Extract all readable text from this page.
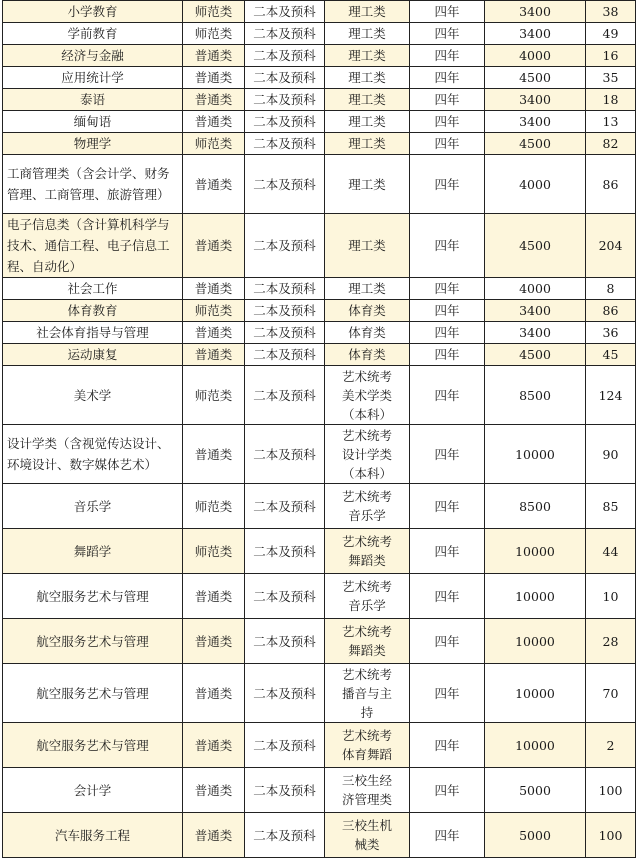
小学教育	师范类	二本及预科	理工类	四年	3400	38
学前教育	师范类	二本及预科	理工类	四年	3400	49
经济与金融	普通类	二本及预科	理工类	四年	4000	16
应用统计学	普通类	二本及预科	理工类	四年	4500	35
泰语	普通类	二本及预科	理工类	四年	3400	18
缅甸语	普通类	二本及预科	理工类	四年	3400	13
物理学	师范类	二本及预科	理工类	四年	4500	82
工商管理类（含会计学、财务管理、工商管理、旅游管理）	普通类	二本及预科	理工类	四年	4000	86
电子信息类（含计算机科学与技术、通信工程、电子信息工程、自动化）	普通类	二本及预科	理工类	四年	4500	204
社会工作	普通类	二本及预科	理工类	四年	4000	8
体育教育	师范类	二本及预科	体育类	四年	3400	86
社会体育指导与管理	普通类	二本及预科	体育类	四年	3400	36
运动康复	普通类	二本及预科	体育类	四年	4500	45
美术学	师范类	二本及预科	艺术统考美术学类（本科）	四年	8500	124
设计学类（含视觉传达设计、环境设计、数字媒体艺术）	普通类	二本及预科	艺术统考设计学类（本科）	四年	10000	90
音乐学	师范类	二本及预科	艺术统考音乐学	四年	8500	85
舞蹈学	师范类	二本及预科	艺术统考舞蹈类	四年	10000	44
航空服务艺术与管理	普通类	二本及预科	艺术统考音乐学	四年	10000	10
航空服务艺术与管理	普通类	二本及预科	艺术统考舞蹈类	四年	10000	28
航空服务艺术与管理	普通类	二本及预科	艺术统考播音与主持	四年	10000	70
航空服务艺术与管理	普通类	二本及预科	艺术统考体育舞蹈	四年	10000	2
会计学	普通类	二本及预科	三校生经济管理类	四年	5000	100
汽车服务工程	普通类	二本及预科	三校生机械类	四年	5000	100
